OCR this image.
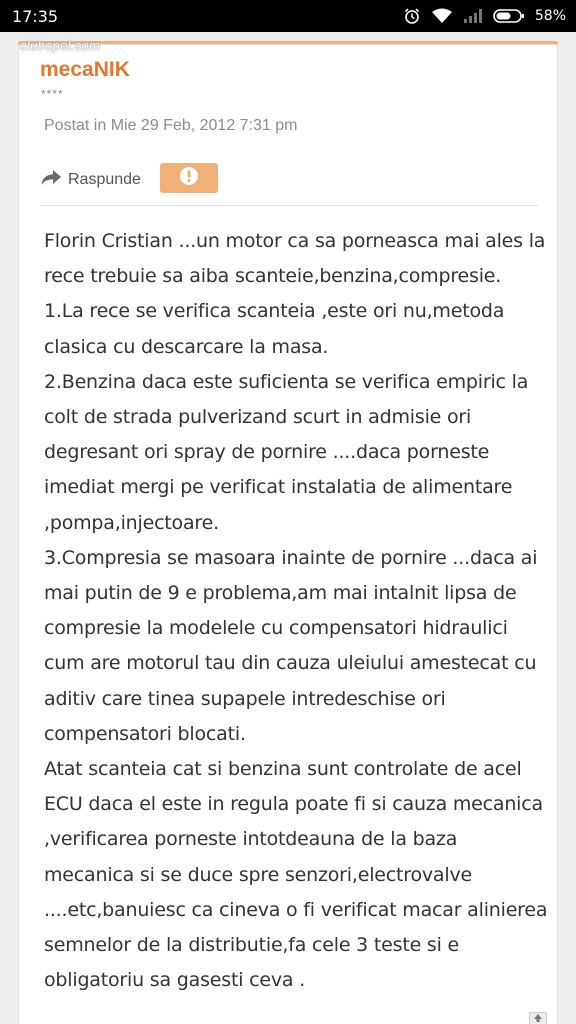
17:35	58%
clubopel.com
mecaNIK
****
Postat in Mie 29 Feb, 2012 7:31 pm
Raspunde
Florin Cristian ...un motor ca sa porneasca mai ales la
rece trebuie sa aiba scanteie,benzina,compresie.
1.La rece se verifica scanteia ,este ori nu,metoda
clasica cu descarcare la masa.
2.Benzina daca este suficienta se verifica empiric la
colt de strada pulverizand scurt in admisie ori
degresant ori spray de pornire ....daca porneste
imediat mergi pe verificat instalatia de alimentare
,pompa,injectoare.
3.Compresia se masoara inainte de pornire ...daca ai
mai putin de 9 e problema,am mai intalnit lipsa de
compresie la modelele cu compensatori hidraulici
cum are motorul tau din cauza uleiului amestecat cu
aditiv care tinea supapele intredeschise ori
compensatori blocati.
Atat scanteia cat si benzina sunt controlate de acel
ECU daca el este in regula poate fi si cauza mecanica
,verificarea porneste intotdeauna de la baza
mecanica si se duce spre senzori,electrovalve
....etc,banuiesc ca cineva o fi verificat macar alinierea
semnelor de la distributie,fa cele 3 teste si e
obligatoriu sa gasesti ceva .
